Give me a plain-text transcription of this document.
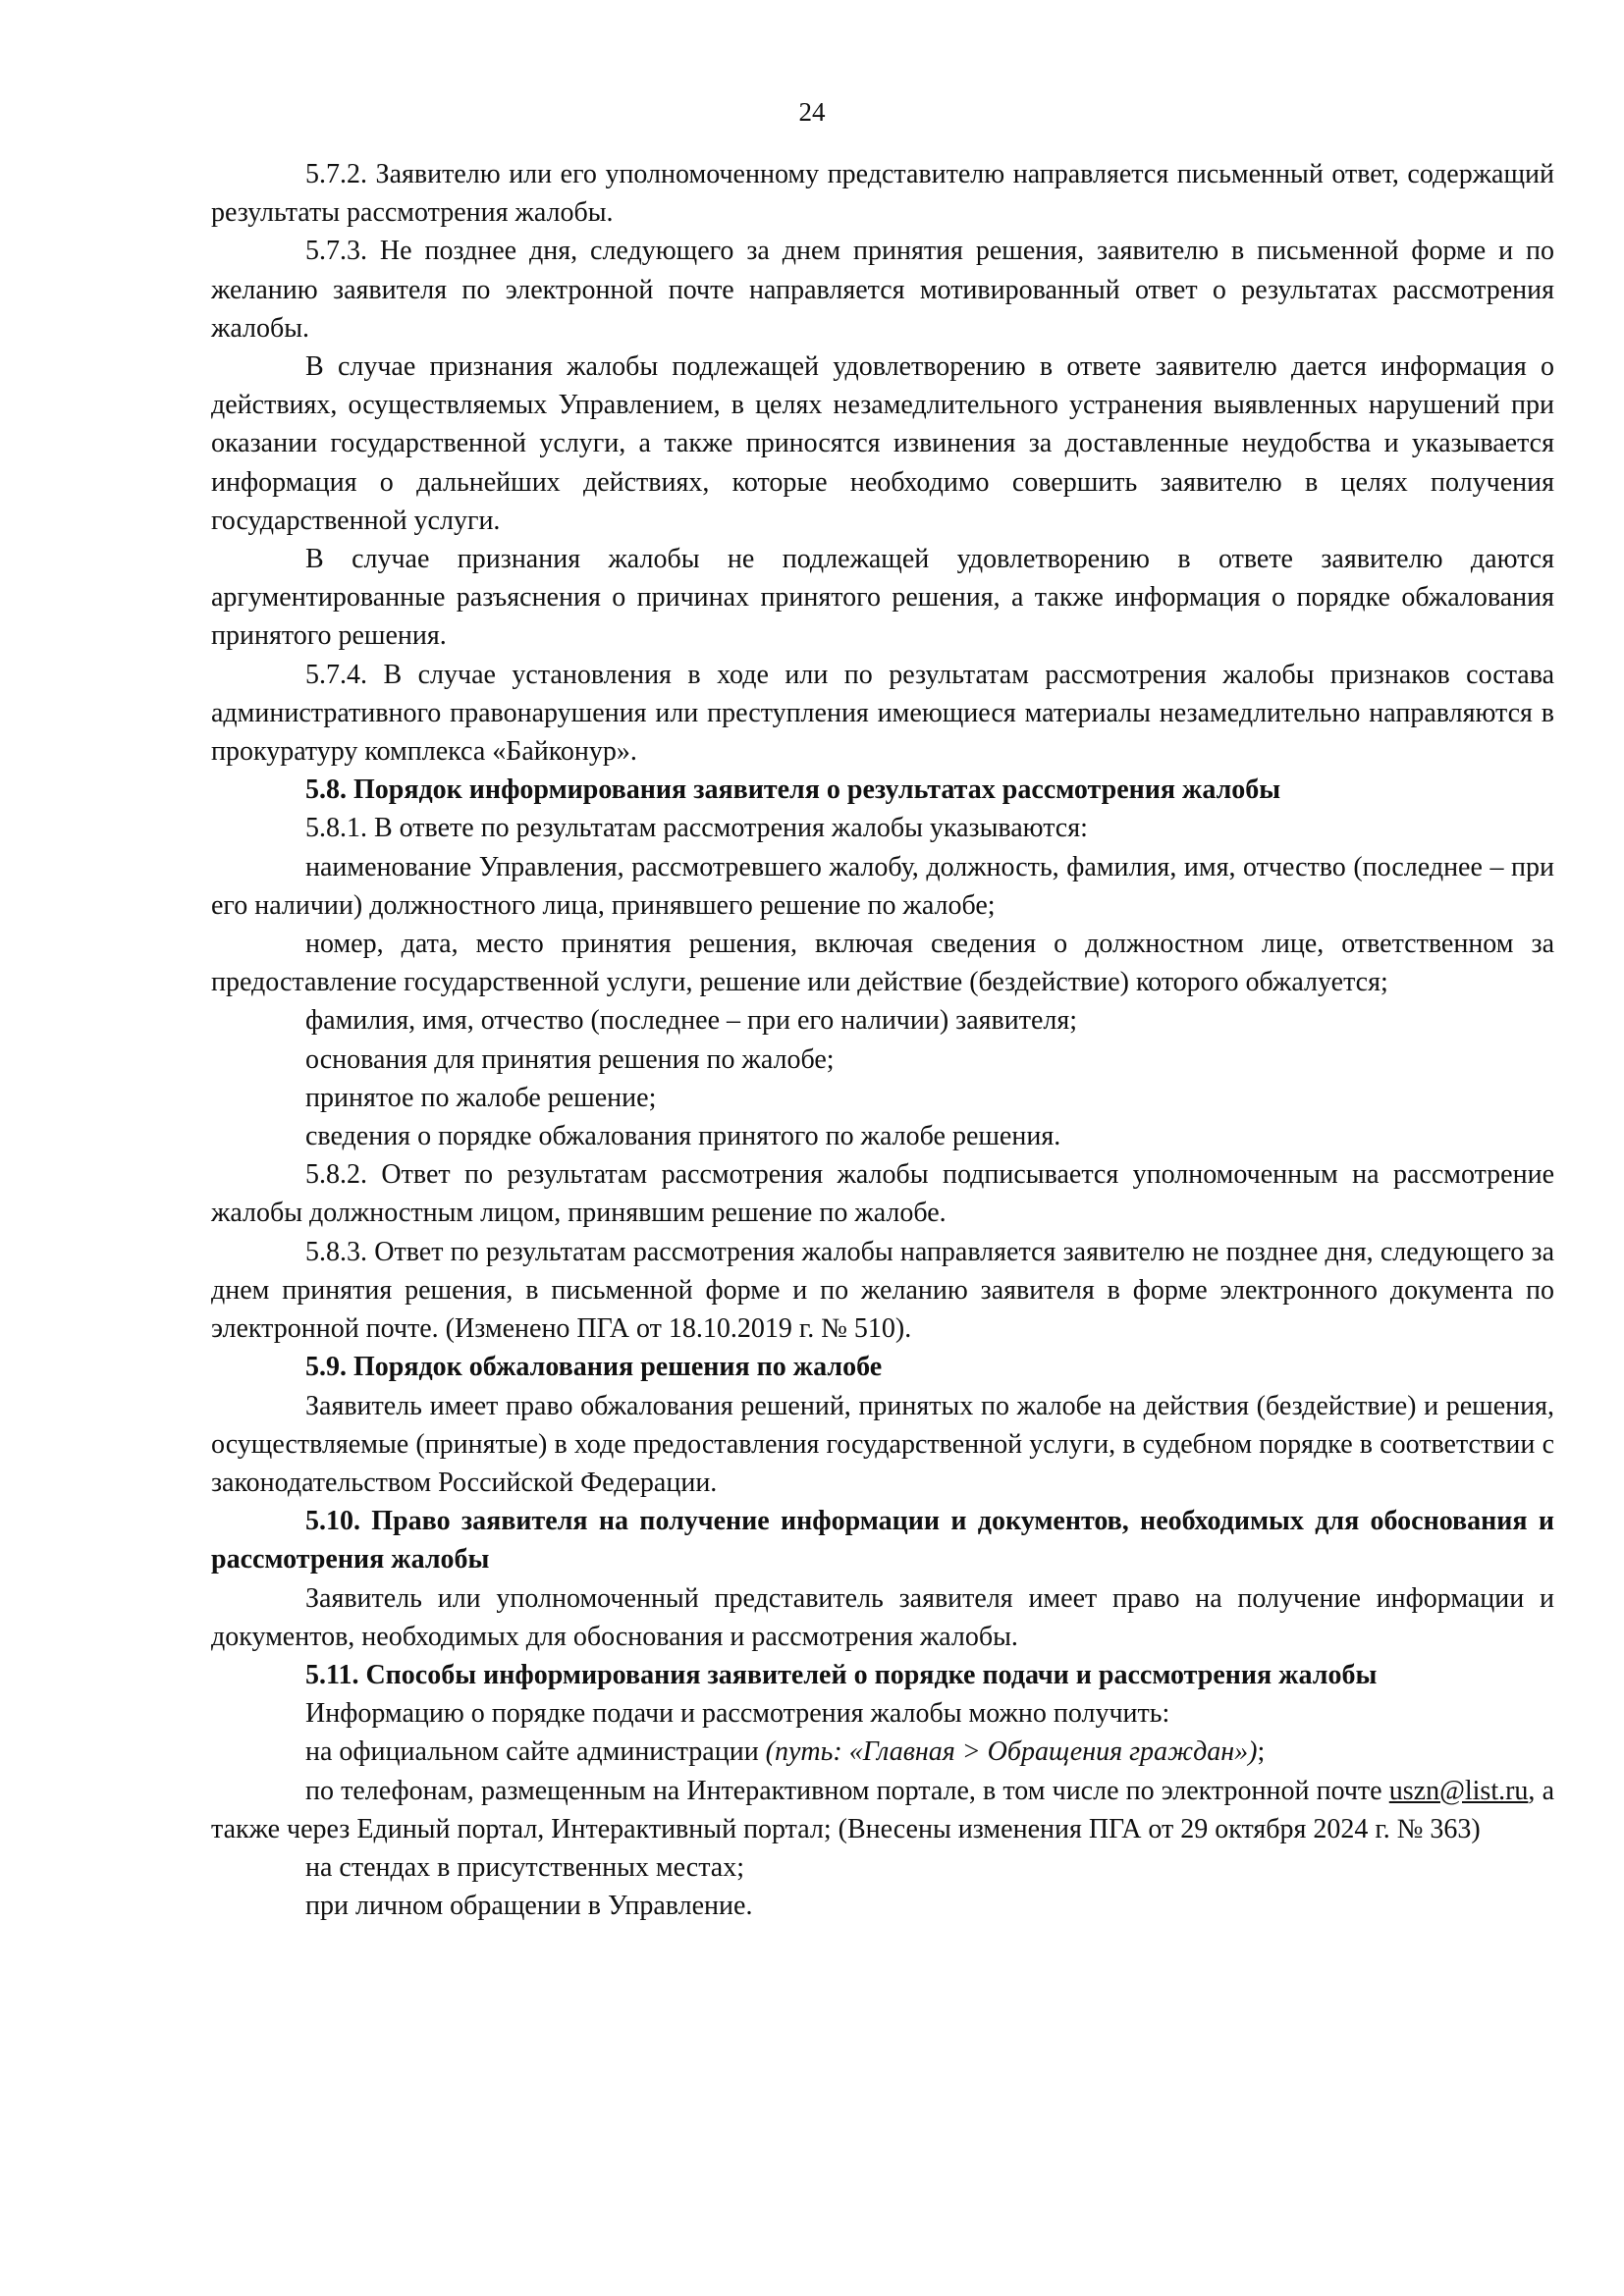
24

5.7.2. Заявителю или его уполномоченному представителю направляется письменный ответ, содержащий результаты рассмотрения жалобы.

5.7.3. Не позднее дня, следующего за днем принятия решения, заявителю в письменной форме и по желанию заявителя по электронной почте направляется мотивированный ответ о результатах рассмотрения жалобы.

В случае признания жалобы подлежащей удовлетворению в ответе заявителю дается информация о действиях, осуществляемых Управлением, в целях незамедлительного устранения выявленных нарушений при оказании государственной услуги, а также приносятся извинения за доставленные неудобства и указывается информация о дальнейших действиях, которые необходимо совершить заявителю в целях получения государственной услуги.

В случае признания жалобы не подлежащей удовлетворению в ответе заявителю даются аргументированные разъяснения о причинах принятого решения, а также информация о порядке обжалования принятого решения.

5.7.4. В случае установления в ходе или по результатам рассмотрения жалобы признаков состава административного правонарушения или преступления имеющиеся материалы незамедлительно направляются в прокуратуру комплекса «Байконур».

5.8. Порядок информирования заявителя о результатах рассмотрения жалобы

5.8.1. В ответе по результатам рассмотрения жалобы указываются:

наименование Управления, рассмотревшего жалобу, должность, фамилия, имя, отчество (последнее – при его наличии) должностного лица, принявшего решение по жалобе;

номер, дата, место принятия решения, включая сведения о должностном лице, ответственном за предоставление государственной услуги, решение или действие (бездействие) которого обжалуется;

фамилия, имя, отчество (последнее – при его наличии) заявителя;

основания для принятия решения по жалобе;

принятое по жалобе решение;

сведения о порядке обжалования принятого по жалобе решения.

5.8.2. Ответ по результатам рассмотрения жалобы подписывается уполномоченным на рассмотрение жалобы должностным лицом, принявшим решение по жалобе.

5.8.3. Ответ по результатам рассмотрения жалобы направляется заявителю не позднее дня, следующего за днем принятия решения, в письменной форме и по желанию заявителя в форме электронного документа по электронной почте. (Изменено ПГА от 18.10.2019 г. № 510).

5.9. Порядок обжалования решения по жалобе

Заявитель имеет право обжалования решений, принятых по жалобе на действия (бездействие) и решения, осуществляемые (принятые) в ходе предоставления государственной услуги, в судебном порядке в соответствии с законодательством Российской Федерации.

5.10. Право заявителя на получение информации и документов, необходимых для обоснования и рассмотрения жалобы

Заявитель или уполномоченный представитель заявителя имеет право на получение информации и документов, необходимых для обоснования и рассмотрения жалобы.

5.11. Способы информирования заявителей о порядке подачи и рассмотрения жалобы

Информацию о порядке подачи и рассмотрения жалобы можно получить:

на официальном сайте администрации (путь: «Главная > Обращения граждан»);

по телефонам, размещенным на Интерактивном портале, в том числе по электронной почте uszn@list.ru, а также через Единый портал, Интерактивный портал; (Внесены изменения ПГА от 29 октября 2024 г. № 363)

на стендах в присутственных местах;

при личном обращении в Управление.
